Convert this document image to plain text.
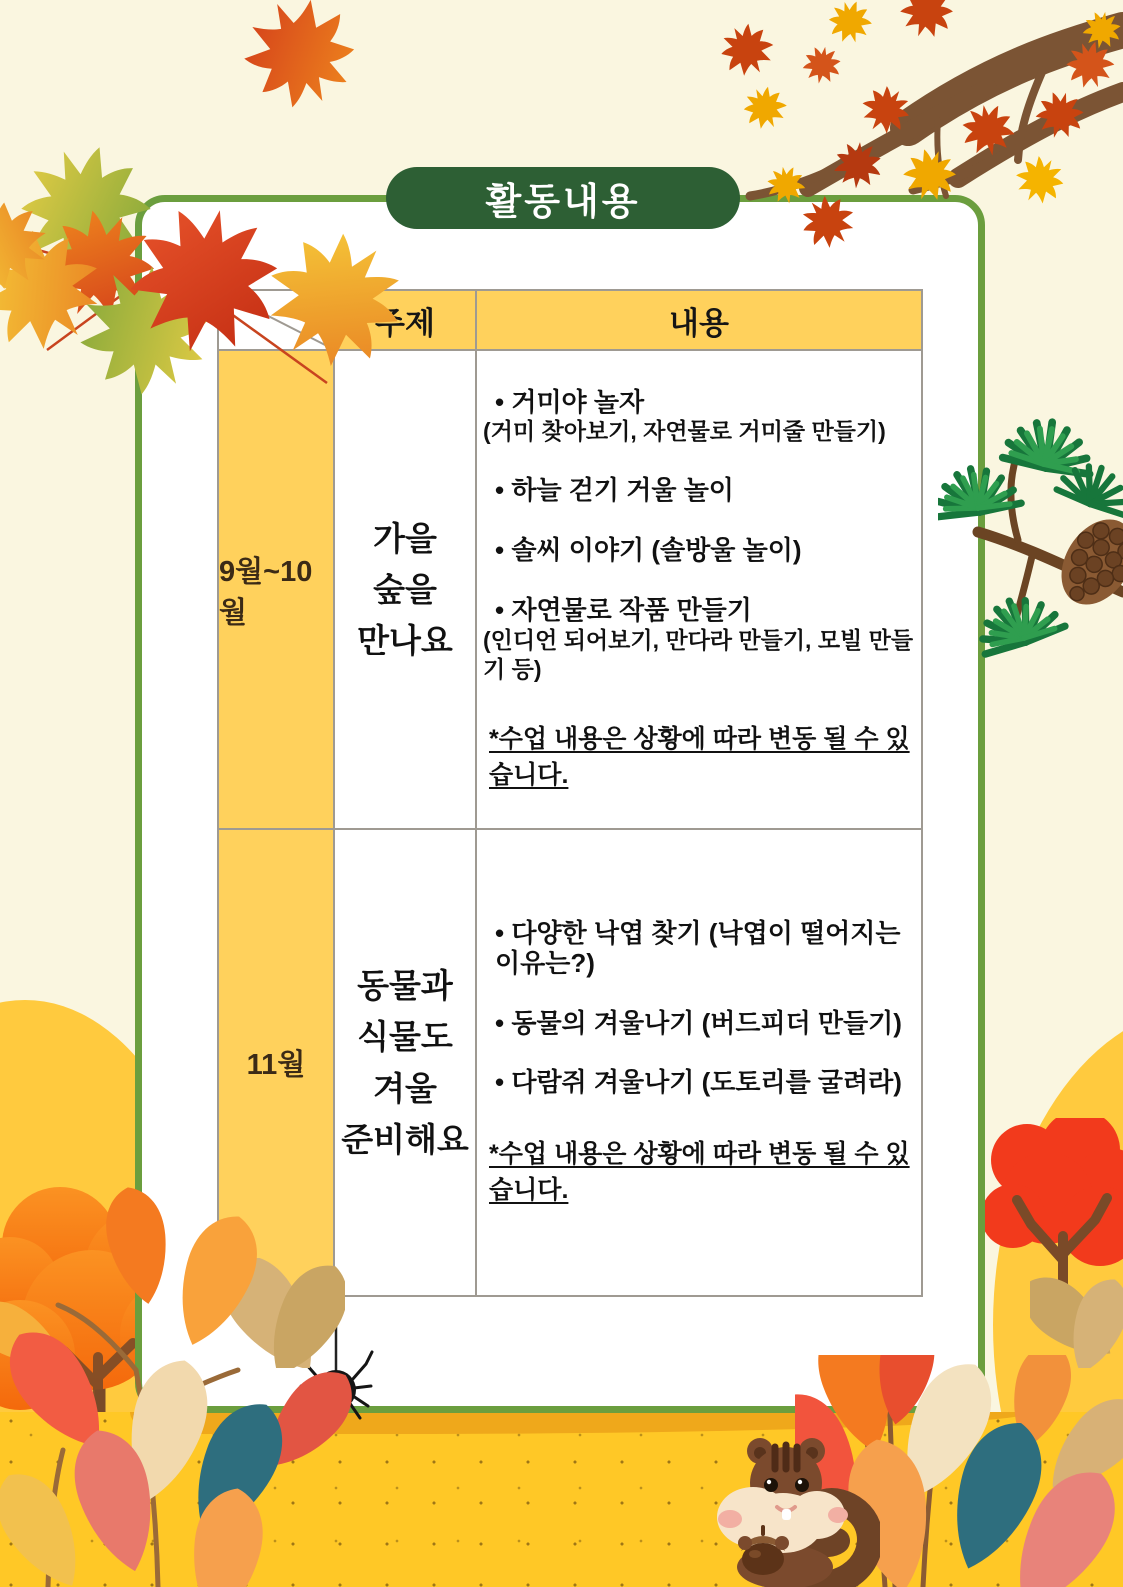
활동내용
주제	내용
9월~10월
가을
숲을
만나요
• 거미야 놀자
(거미 찾아보기, 자연물로 거미줄 만들기)
• 하늘 걷기 거울 놀이
• 솔씨 이야기 (솔방울 놀이)
• 자연물로 작품 만들기
(인디언 되어보기, 만다라 만들기, 모빌 만들기 등)
*수업 내용은 상황에 따라 변동 될 수 있습니다.
11월
동물과
식물도
겨울
준비해요
• 다양한 낙엽 찾기 (낙엽이 떨어지는 이유는?)
• 동물의 겨울나기 (버드피더 만들기)
• 다람쥐 겨울나기 (도토리를 굴려라)
*수업 내용은 상황에 따라 변동 될 수 있습니다.
